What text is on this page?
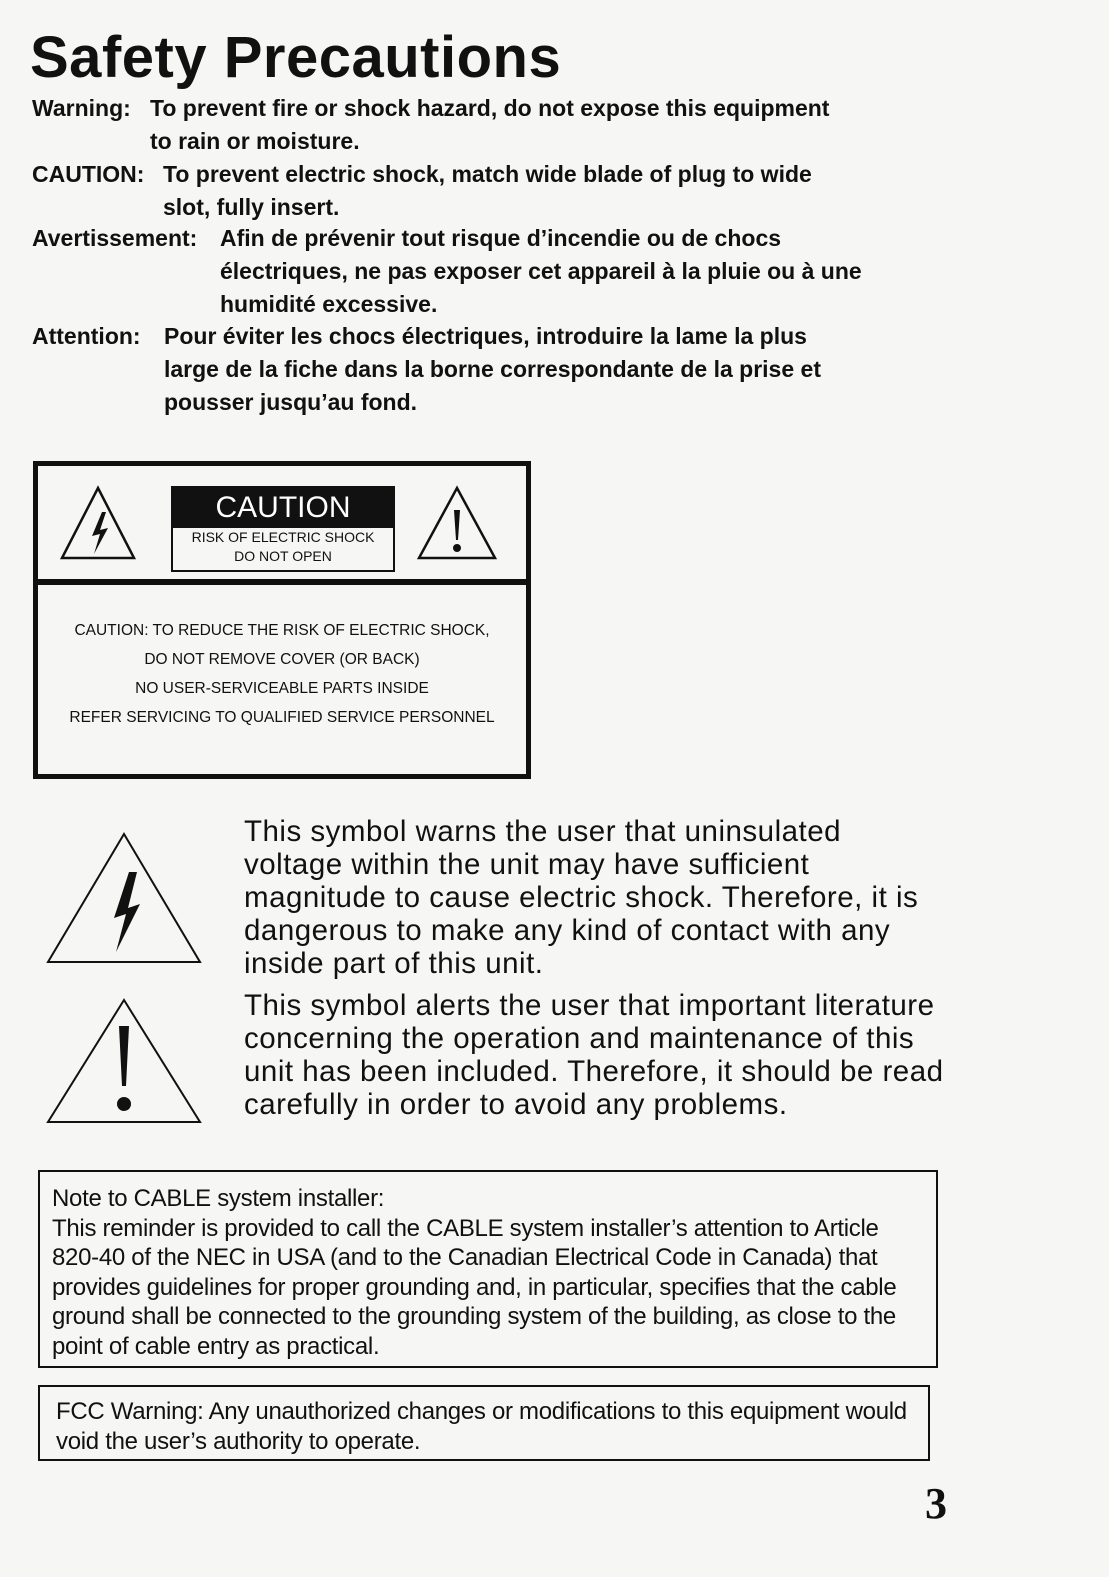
Safety Precautions
Warning: To prevent fire or shock hazard, do not expose this equipment
to rain or moisture.
CAUTION: To prevent electric shock, match wide blade of plug to wide
slot, fully insert.
Avertissement: Afin de prévenir tout risque d’incendie ou de chocs
électriques, ne pas exposer cet appareil à la pluie ou à une
humidité excessive.
Attention: Pour éviter les chocs électriques, introduire la lame la plus
large de la fiche dans la borne correspondante de la prise et
pousser jusqu’au fond.
CAUTION
RISK OF ELECTRIC SHOCK
DO NOT OPEN
CAUTION: TO REDUCE THE RISK OF ELECTRIC SHOCK,
DO NOT REMOVE COVER (OR BACK)
NO USER-SERVICEABLE PARTS INSIDE
REFER SERVICING TO QUALIFIED SERVICE PERSONNEL
This symbol warns the user that uninsulated voltage within the unit may have sufficient magnitude to cause electric shock. Therefore, it is dangerous to make any kind of contact with any inside part of this unit.
This symbol alerts the user that important literature concerning the operation and maintenance of this unit has been included. Therefore, it should be read carefully in order to avoid any problems.
Note to CABLE system installer:
This reminder is provided to call the CABLE system installer’s attention to Article 820-40 of the NEC in USA (and to the Canadian Electrical Code in Canada) that provides guidelines for proper grounding and, in particular, specifies that the cable ground shall be connected to the grounding system of the building, as close to the point of cable entry as practical.
FCC Warning: Any unauthorized changes or modifications to this equipment would void the user’s authority to operate.
3
